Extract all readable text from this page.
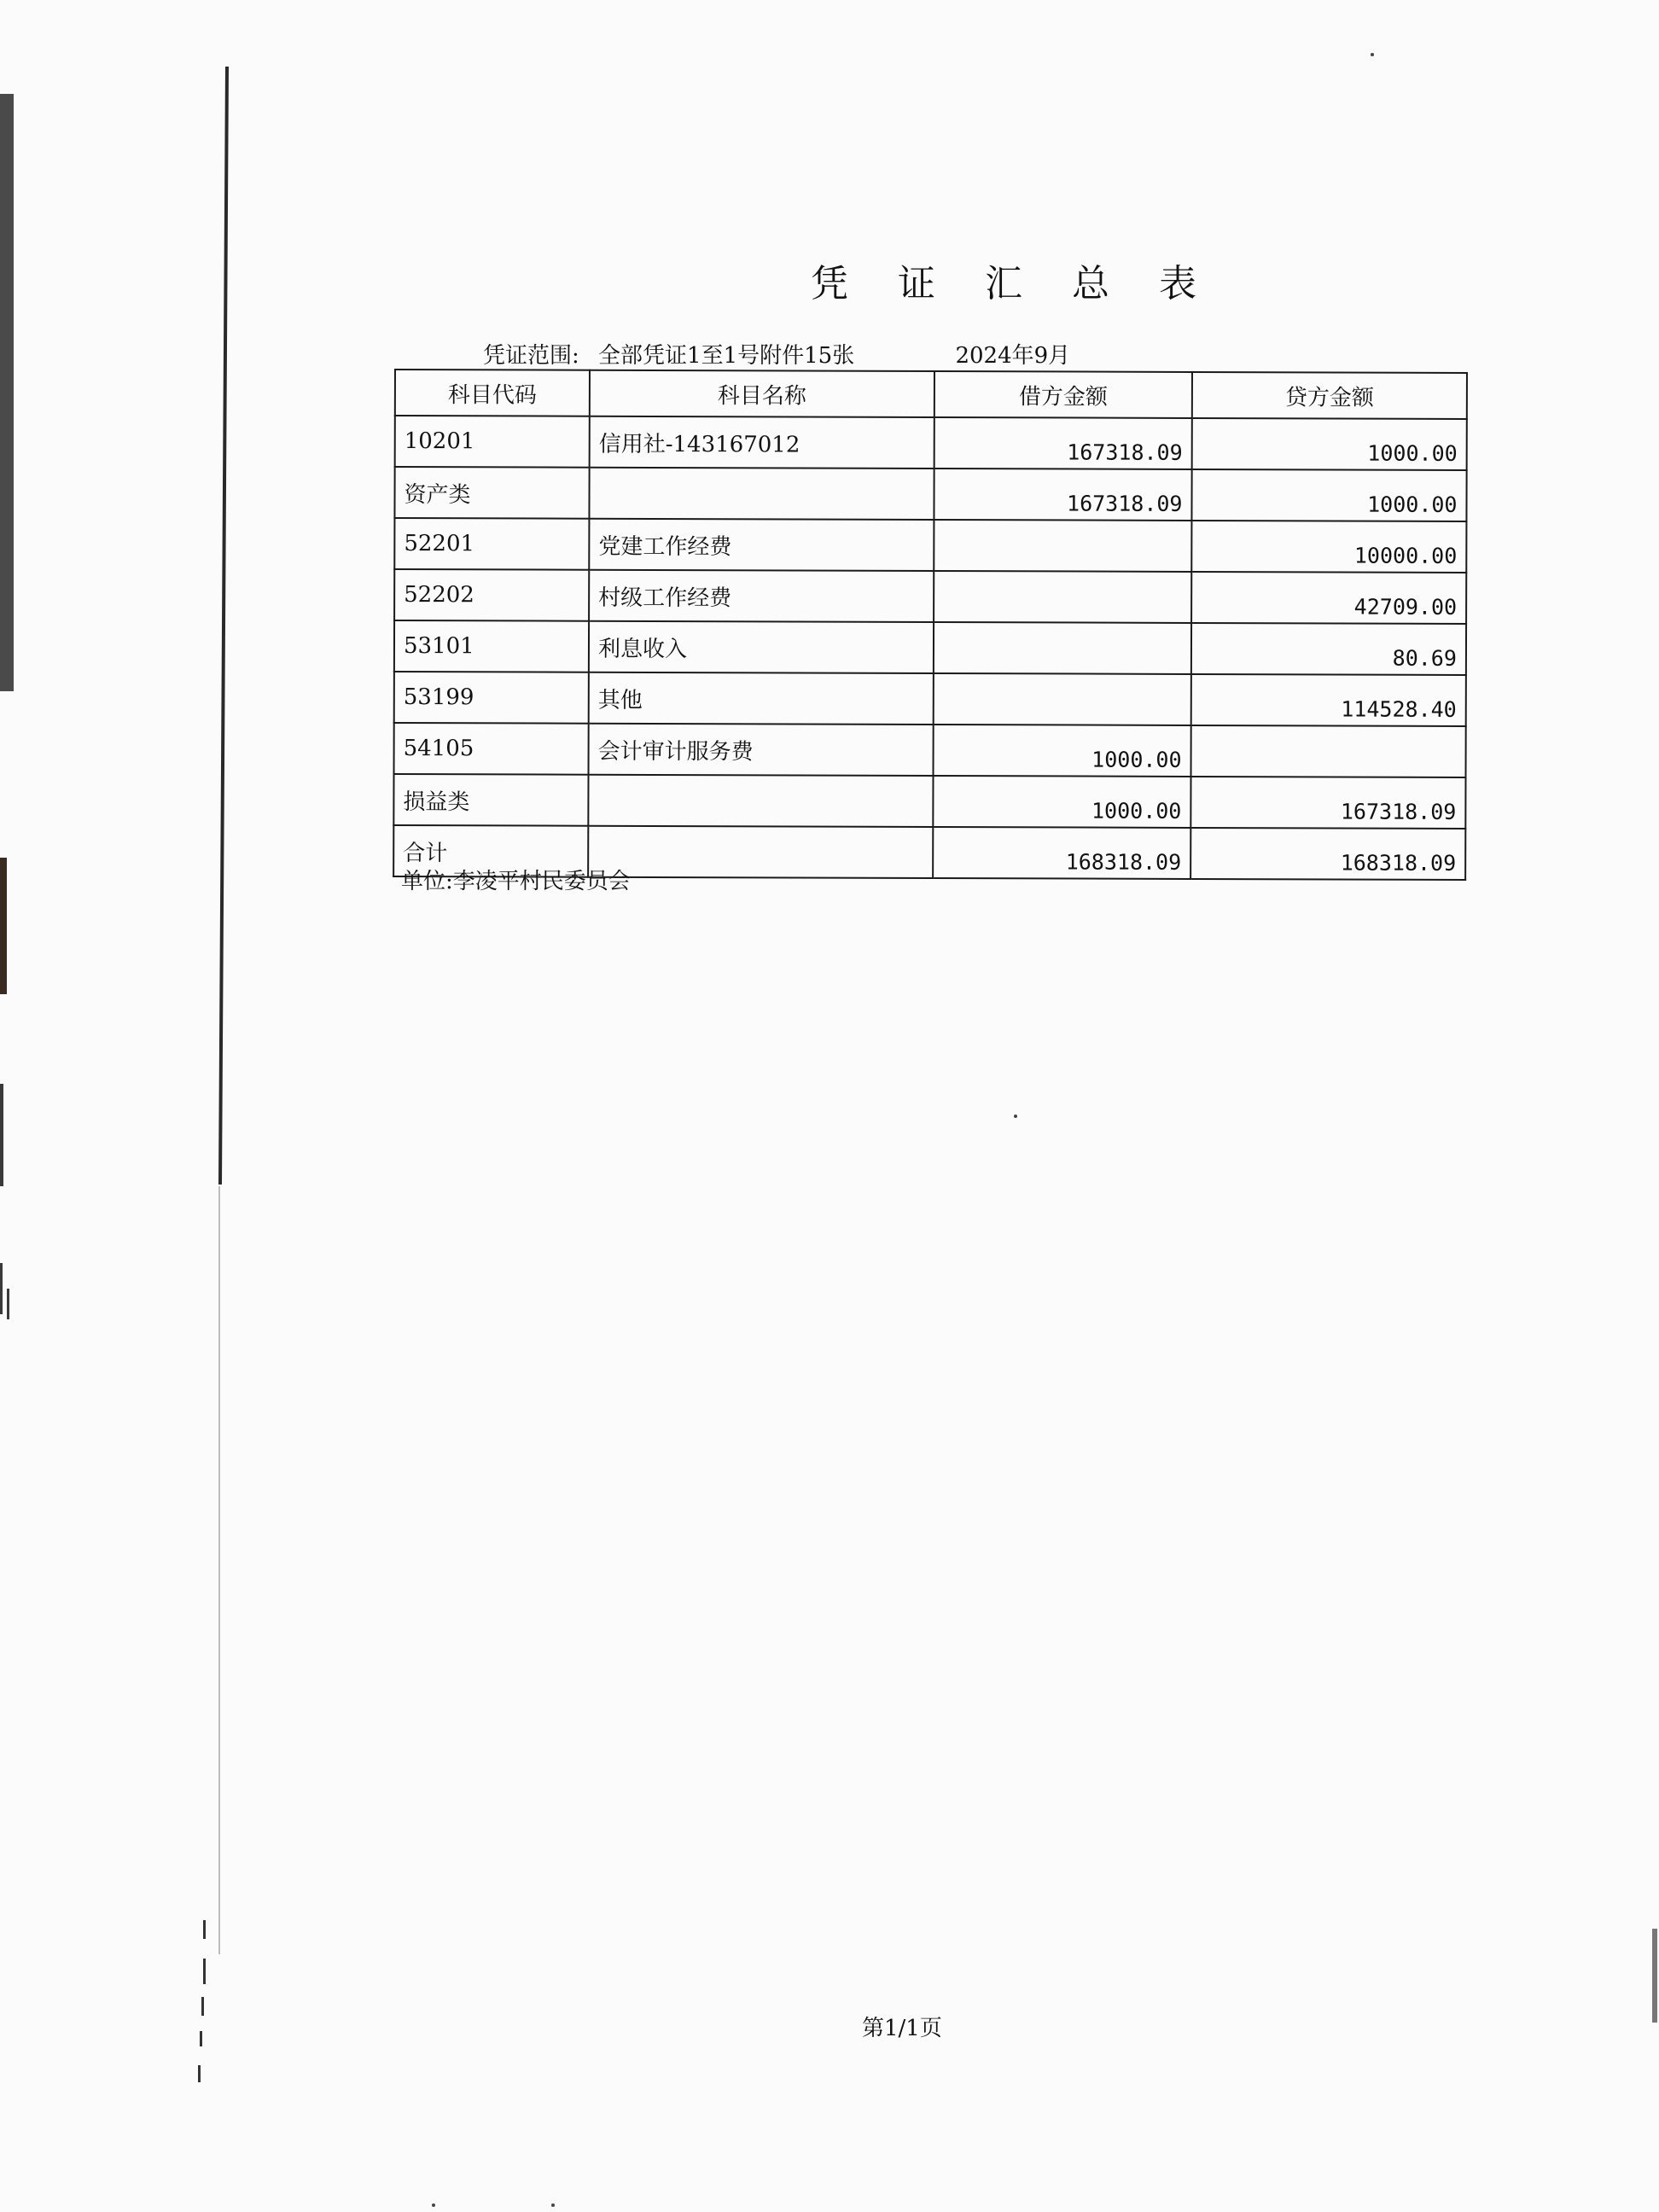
凭 证 汇 总 表
凭证范围: 全部凭证1至1号附件15张	2024年9月
科目代码	科目名称	借方金额	贷方金额
10201	信用社-143167012	167318.09	1000.00
资产类		167318.09	1000.00
52201	党建工作经费		10000.00
52202	村级工作经费		42709.00
53101	利息收入		80.69
53199	其他		114528.40
54105	会计审计服务费	1000.00	
损益类		1000.00	167318.09
合计		168318.09	168318.09
单位:李凌平村民委员会
第1/1页
